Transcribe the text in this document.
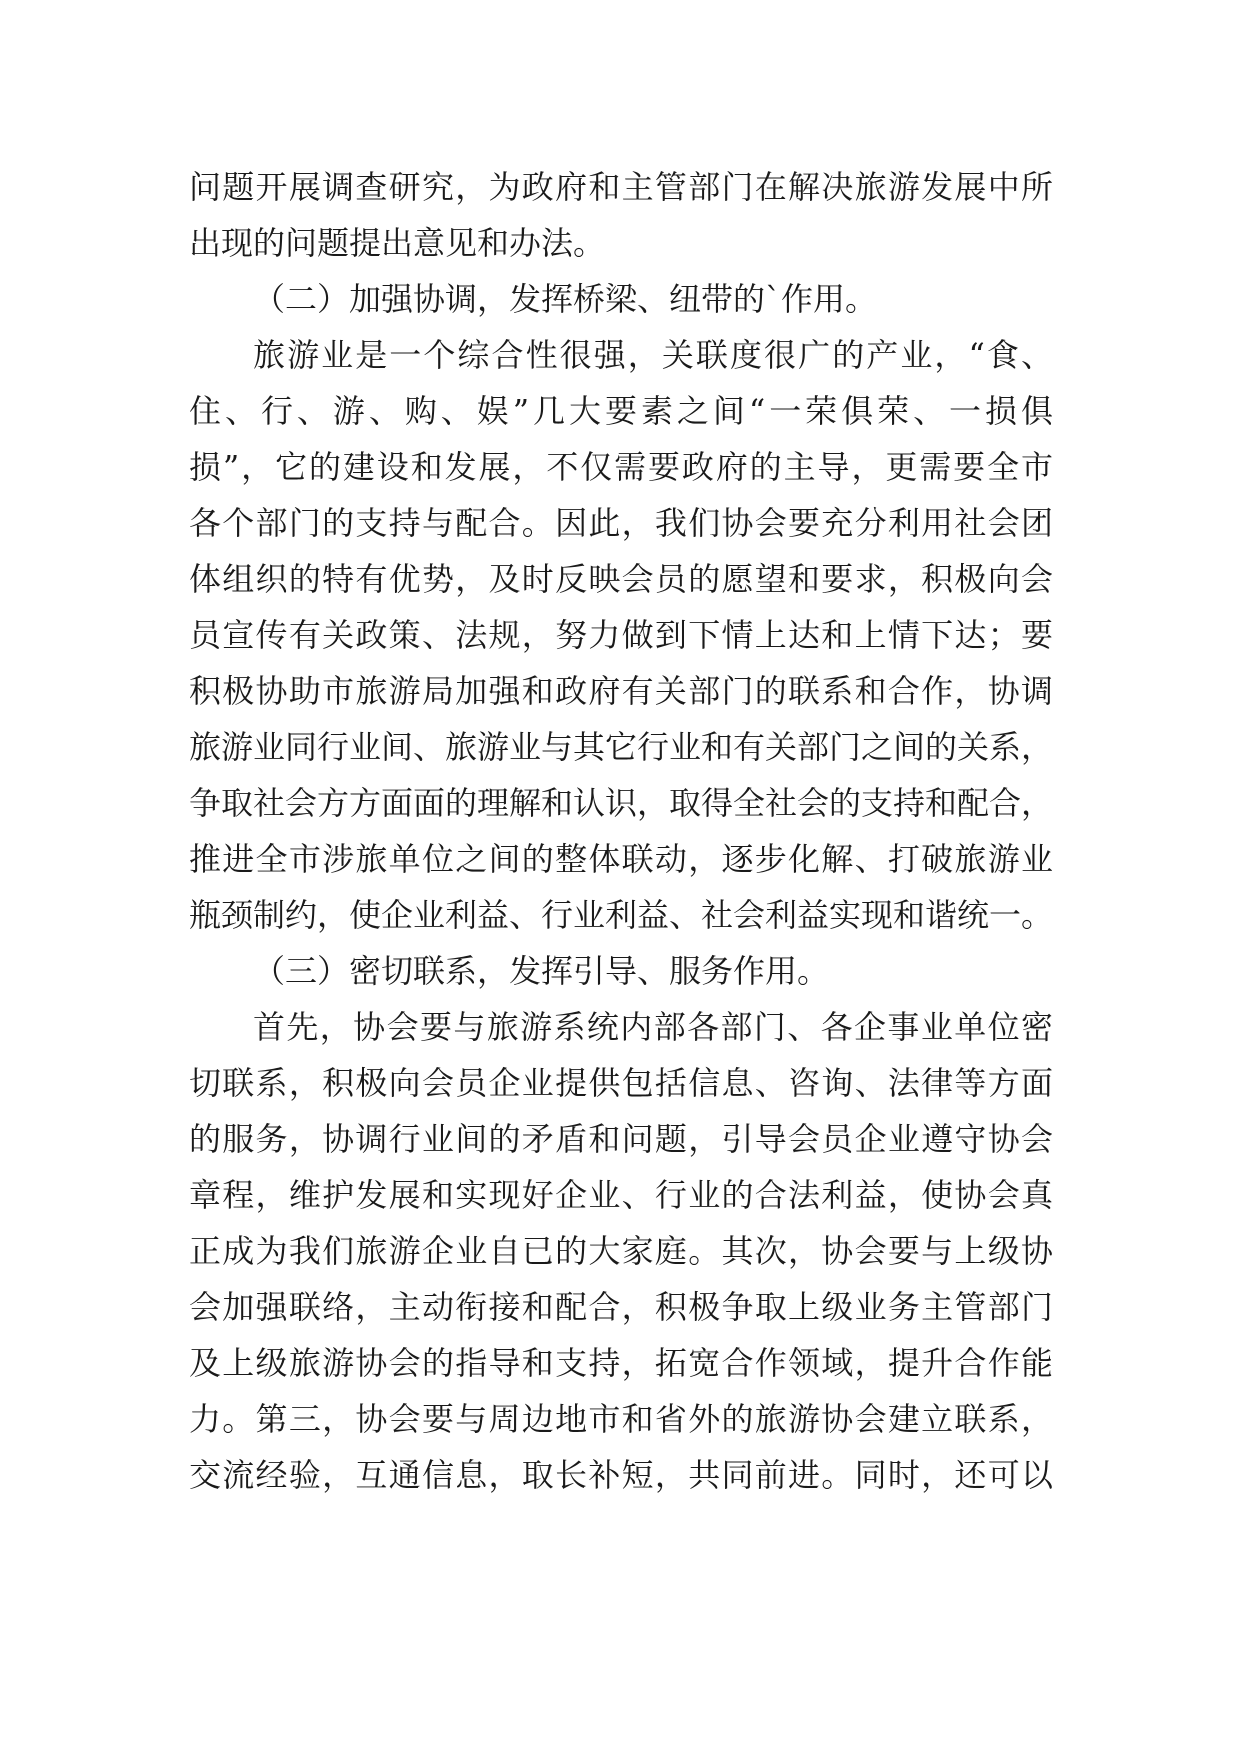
问题开展调查研究，为政府和主管部门在解决旅游发展中所
出现的问题提出意见和办法。
（二）加强协调，发挥桥梁、纽带的`作用。
旅游业是一个综合性很强，关联度很广的产业，“食、
住、行、游、购、娱”几大要素之间“一荣俱荣、一损俱
损”，它的建设和发展，不仅需要政府的主导，更需要全市
各个部门的支持与配合。因此，我们协会要充分利用社会团
体组织的特有优势，及时反映会员的愿望和要求，积极向会
员宣传有关政策、法规，努力做到下情上达和上情下达；要
积极协助市旅游局加强和政府有关部门的联系和合作，协调
旅游业同行业间、旅游业与其它行业和有关部门之间的关系，
争取社会方方面面的理解和认识，取得全社会的支持和配合，
推进全市涉旅单位之间的整体联动，逐步化解、打破旅游业
瓶颈制约，使企业利益、行业利益、社会利益实现和谐统一。
（三）密切联系，发挥引导、服务作用。
首先，协会要与旅游系统内部各部门、各企事业单位密
切联系，积极向会员企业提供包括信息、咨询、法律等方面
的服务，协调行业间的矛盾和问题，引导会员企业遵守协会
章程，维护发展和实现好企业、行业的合法利益，使协会真
正成为我们旅游企业自已的大家庭。其次，协会要与上级协
会加强联络，主动衔接和配合，积极争取上级业务主管部门
及上级旅游协会的指导和支持，拓宽合作领域，提升合作能
力。第三，协会要与周边地市和省外的旅游协会建立联系，
交流经验，互通信息，取长补短，共同前进。同时，还可以
